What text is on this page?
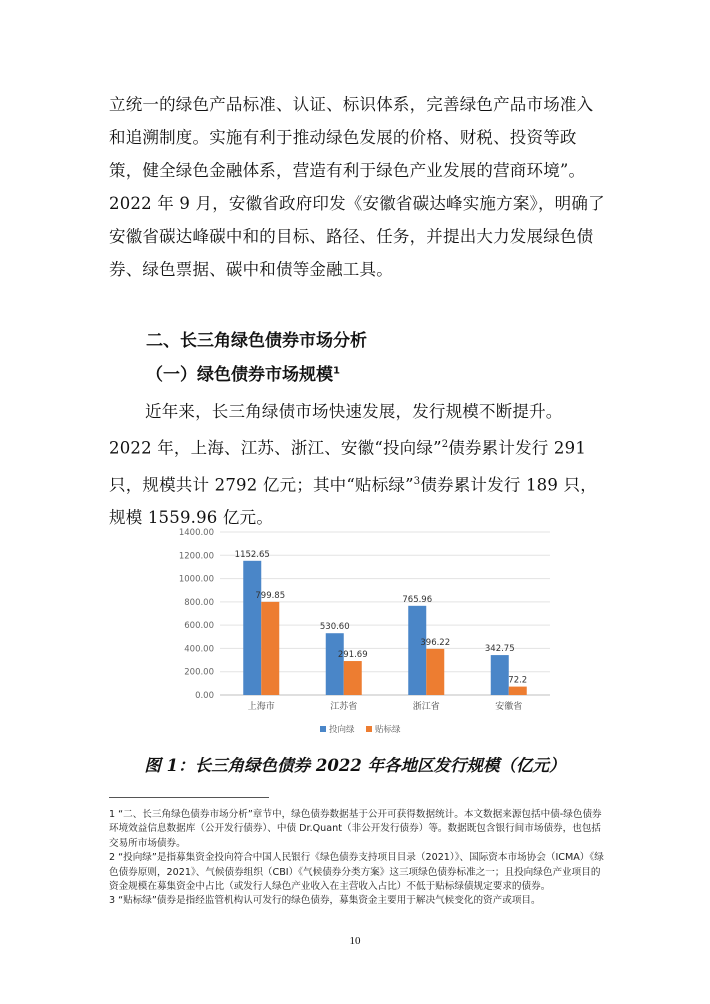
立统一的绿色产品标准、认证、标识体系，完善绿色产品市场准入和追溯制度。实施有利于推动绿色发展的价格、财税、投资等政策，健全绿色金融体系，营造有利于绿色产业发展的营商环境”。2022 年 9 月，安徽省政府印发《安徽省碳达峰实施方案》，明确了安徽省碳达峰碳中和的目标、路径、任务，并提出大力发展绿色债券、绿色票据、碳中和债等金融工具。

二、长三角绿色债券市场分析
（一）绿色债券市场规模$^1$

近年来，长三角绿债市场快速发展，发行规模不断提升。2022 年，上海、江苏、浙江、安徽“投向绿”$^2$债券累计发行 291 只，规模共计 2792 亿元；其中“贴标绿”$^3$债券累计发行 189 只，规模 1559.96 亿元。

0.00
200.00
400.00
600.00
800.00
1000.00
1200.00
1400.00
1152.65
799.85
上海市
530.60
291.69
江苏省
765.96
396.22
浙江省
342.75
72.2
安徽省
投向绿 贴标绿
图 1：长三角绿色债券 2022 年各地区发行规模（亿元）

1 “二、长三角绿色债券市场分析”章节中，绿色债券数据基于公开可获得数据统计。本文数据来源包括中债-绿色债券环境效益信息数据库（公开发行债券）、中债 Dr.Quant（非公开发行债券）等。数据既包含银行间市场债券，也包括交易所市场债券。

2 “投向绿”是指募集资金投向符合中国人民银行《绿色债券支持项目目录（2021）》、国际资本市场协会（ICMA）《绿色债券原则，2021》、气候债券组织（CBI）《气候债券分类方案》这三项绿色债券标准之一；且投向绿色产业项目的资金规模在募集资金中占比（或发行人绿色产业收入在主营收入占比）不低于贴标绿债规定要求的债券。

3 “贴标绿”债券是指经监管机构认可发行的绿色债券，募集资金主要用于解决气候变化的资产或项目。

10
